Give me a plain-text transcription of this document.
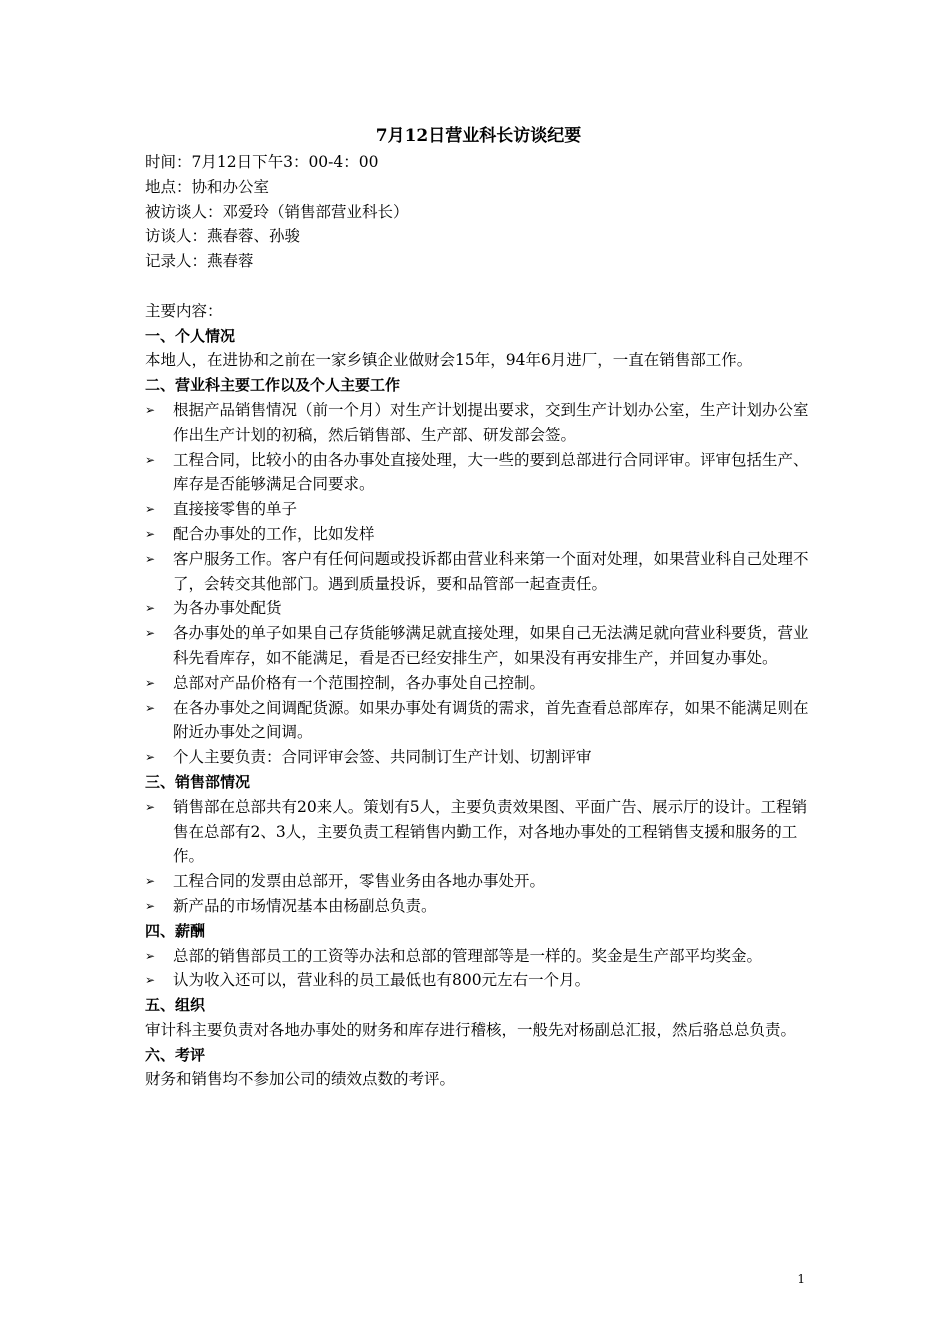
7月12日营业科长访谈纪要

时间：7月12日下午3：00-4：00

地点：协和办公室

被访谈人：邓爱玲（销售部营业科长）

访谈人：燕春蓉、孙骏

记录人：燕春蓉

主要内容：

一、个人情况

本地人，在进协和之前在一家乡镇企业做财会15年，94年6月进厂，一直在销售部工作。

二、营业科主要工作以及个人主要工作

➢ 根据产品销售情况（前一个月）对生产计划提出要求，交到生产计划办公室，生产计划办公室作出生产计划的初稿，然后销售部、生产部、研发部会签。
➢ 工程合同，比较小的由各办事处直接处理，大一些的要到总部进行合同评审。评审包括生产、库存是否能够满足合同要求。
➢ 直接接零售的单子
➢ 配合办事处的工作，比如发样
➢ 客户服务工作。客户有任何问题或投诉都由营业科来第一个面对处理，如果营业科自己处理不了，会转交其他部门。遇到质量投诉，要和品管部一起查责任。
➢ 为各办事处配货
➢ 各办事处的单子如果自己存货能够满足就直接处理，如果自己无法满足就向营业科要货，营业科先看库存，如不能满足，看是否已经安排生产，如果没有再安排生产，并回复办事处。
➢ 总部对产品价格有一个范围控制，各办事处自己控制。
➢ 在各办事处之间调配货源。如果办事处有调货的需求，首先查看总部库存，如果不能满足则在附近办事处之间调。
➢ 个人主要负责：合同评审会签、共同制订生产计划、切割评审

三、销售部情况

➢ 销售部在总部共有20来人。策划有5人，主要负责效果图、平面广告、展示厅的设计。工程销售在总部有2、3人，主要负责工程销售内勤工作，对各地办事处的工程销售支援和服务的工作。
➢ 工程合同的发票由总部开，零售业务由各地办事处开。
➢ 新产品的市场情况基本由杨副总负责。

四、薪酬

➢ 总部的销售部员工的工资等办法和总部的管理部等是一样的。奖金是生产部平均奖金。
➢ 认为收入还可以，营业科的员工最低也有800元左右一个月。

五、组织

审计科主要负责对各地办事处的财务和库存进行稽核，一般先对杨副总汇报，然后骆总总负责。

六、考评

财务和销售均不参加公司的绩效点数的考评。

1
